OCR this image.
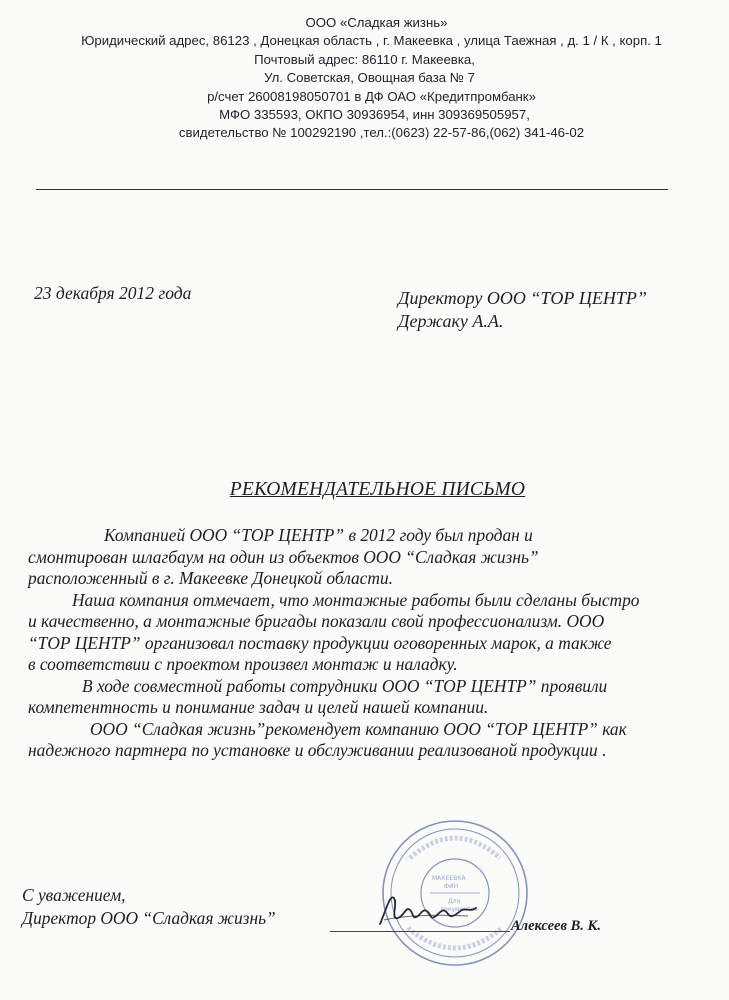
ООО «Сладкая жизнь»
Юридический адрес, 86123 , Донецкая область , г. Макеевка , улица Таежная , д. 1 / К , корп. 1
Почтовый адрес: 86110 г. Макеевка,
Ул. Советская, Овощная база № 7
р/счет 26008198050701 в ДФ ОАО «Кредитпромбанк»
МФО 335593, ОКПО 30936954, инн 309369505957,
свидетельство № 100292190 ,тел.:(0623) 22-57-86,(062) 341-46-02
23 декабря 2012 года	Директору ООО “ТОР ЦЕНТР”
Держаку А.А.
РЕКОМЕНДАТЕЛЬНОЕ ПИСЬМО
Компанией ООО “ТОР ЦЕНТР” в 2012 году был продан и
смонтирован шлагбаум на один из объектов ООО “Сладкая жизнь”
расположенный в г. Макеевке Донецкой области.
Наша компания отмечает, что монтажные работы были сделаны быстро
и качественно, а монтажные бригады показали свой профессионализм. ООО
“ТОР ЦЕНТР” организовал поставку продукции оговоренных марок, а также
в соответствии с проектом произвел монтаж и наладку.
В ходе совместной работы сотрудники ООО “ТОР ЦЕНТР” проявили
компетентность и понимание задач и целей нашей компании.
ООО “Сладкая жизнь”рекомендует компанию ООО “ТОР ЦЕНТР” как
надежного партнера по установке и обслуживании реализованой продукции .
МАКЕЕВКА
ФИН
Для
документов
С уважением,
Директор ООО “Сладкая жизнь”	Алексеев В. К.
